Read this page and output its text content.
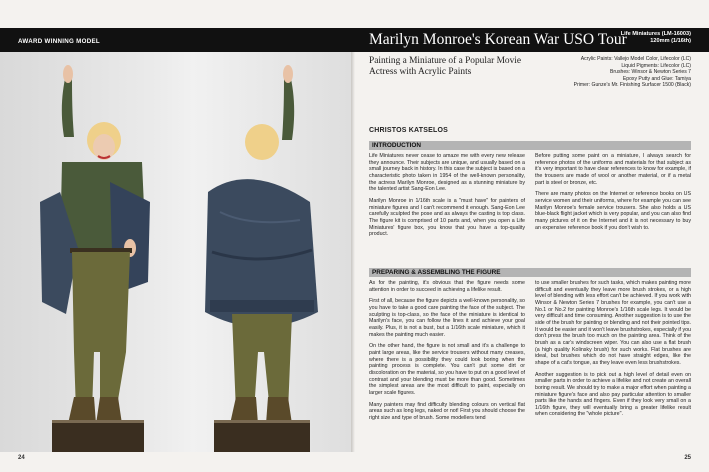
AWARD WINNING MODEL	Marilyn Monroe's Korean War USO Tour
Life Miniatures (LM-16003)
120mm (1/16th)
Painting a Miniature of a Popular Movie Actress with Acrylic Paints
Acrylic Paints: Vallejo Model Color, Lifecolor (LC)
Liquid Pigments: Lifecolor (LC)
Brushes: Winsor & Newton Series 7
Epoxy Putty and Glue: Tamiya
Primer: Gunze's Mr. Finishing Surfacer 1500 (Black)
CHRISTOS KATSELOS
INTRODUCTION

Life Miniatures never cease to amaze me with every new release they announce. Their subjects are unique, and usually based on a small journey back in history. In this case the subject is based on a characteristic photo taken in 1954 of the well-known personality, the actress Marilyn Monroe, designed as a stunning miniature by the talented artist Sang-Eon Lee.

Marilyn Monroe in 1/16th scale is a "must have" for painters of miniature figures and I can't recommend it enough. Sang-Eon Lee carefully sculpted the pose and as always the casting is top class. The figure kit is comprised of 10 parts and, when you open a Life Miniatures' figure box, you know that you have a top-quality product.

Before putting some paint on a miniature, I always search for reference photos of the uniforms and materials for that subject as it's very important to have clear references to know for example, if the trousers are made of wool or another material, or if a metal part is steel or bronze, etc.

There are many photos on the Internet or reference books on US service women and their uniforms, where for example you can see Marilyn Monroe's female service trousers. She also holds a US blue-black flight jacket which is very popular, and you can also find many pictures of it on the Internet and it is not necessary to buy an expensive reference book if you don't wish to.

PREPARING & ASSEMBLING THE FIGURE

As for the painting, it's obvious that the figure needs some attention in order to succeed in achieving a lifelike result.

First of all, because the figure depicts a well-known personality, so you have to take a good care painting the face of the subject. The sculpting is top-class, so the face of the miniature is identical to Marilyn's face, you can follow the lines it and achieve your goal easily. Plus, it is not a bust, but a 1/16th scale miniature, which it makes the painting much easier.

On the other hand, the figure is not small and it's a challenge to paint large areas, like the service trousers without many creases, where there is a possibility they could look boring when the painting process is complete. You can't put some dirt or discoloration on the material, so you have to put on a good level of contrast and your blending must be more than good. Sometimes the simplest areas are the most difficult to paint, especially on larger scale figures.

Many painters may find difficulty blending colours on vertical flat areas such as long legs, naked or not! First you should choose the right size and type of brush. Some modellers tend

to use smaller brushes for such tasks, which makes painting more difficult and eventually they leave more brush strokes, or a high level of blending with less effort can't be achieved. If you work with Winsor & Newton Series 7 brushes for example, you can't use a No.1 or No.2 for painting Monroe's 1/16th scale legs. It would be very difficult and time consuming. Another suggestion is to use the side of the brush for painting or blending and not their pointed tips. It would be easier and it won't leave brushstrokes, especially if you don't press the brush too much on the painting area. Think of the brush as a car's windscreen wiper. You can also use a flat brush (a high quality Kolinsky brush) for such works. Flat brushes are ideal, but brushes which do not have straight edges, like the shape of a cat's tongue, as they leave even less brushstrokes.

Another suggestion is to pick out a high level of detail even on smaller parts in order to achieve a lifelike and not create an overall boring result. We should try to make a major effort when painting a miniature figure's face and also pay particular attention to smaller parts like the hands and fingers. Even if they look very small on a 1/16th figure, they will eventually bring a greater lifelike result when considering the "whole picture".

24	25
